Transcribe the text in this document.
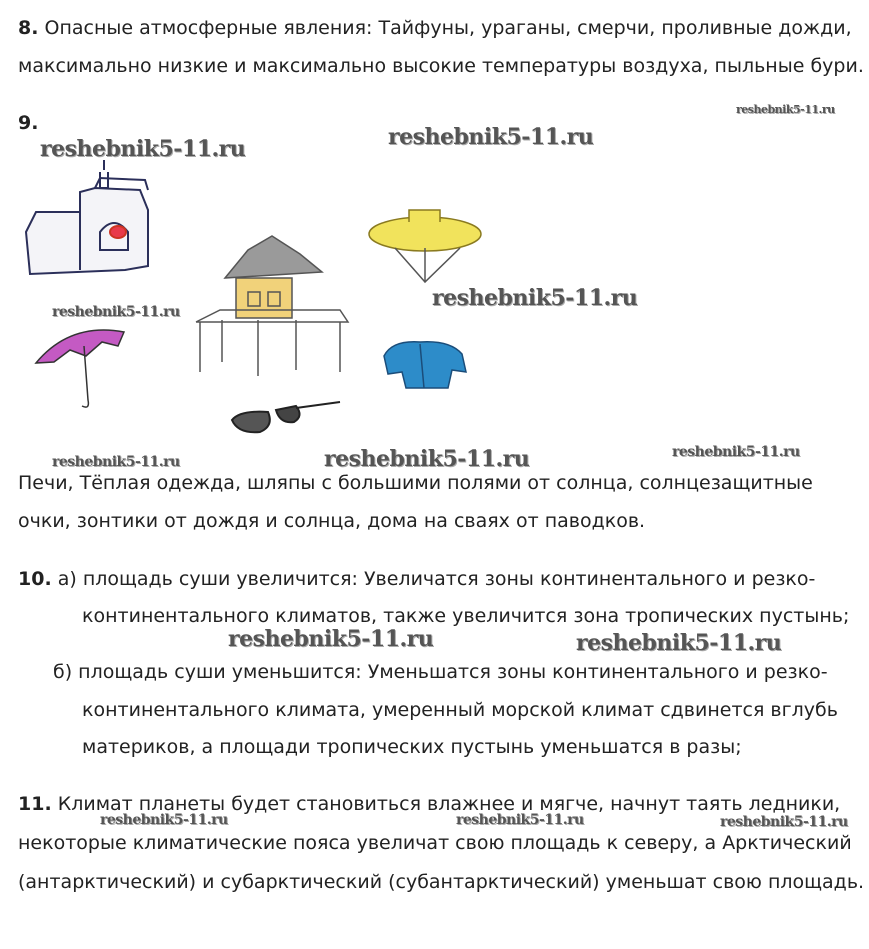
8. Опасные атмосферные явления: Тайфуны, ураганы, смерчи, проливные дожди,
максимально низкие и максимально высокие температуры воздуха, пыльные бури.
9.
reshebnik5-11.ru	reshebnik5-11.ru
reshebnik5-11.ru
reshebnik5-11.ru
reshebnik5-11.ru
reshebnik5-11.ru	reshebnik5-11.ru	reshebnik5-11.ru
Печи, Тёплая одежда, шляпы с большими полями от солнца, солнцезащитные
очки, зонтики от дождя и солнца, дома на сваях от паводков.
10. а) площадь суши увеличится: Увеличатся зоны континентального и резко-
континентального климатов, также увеличится зона тропических пустынь;
reshebnik5-11.ru	reshebnik5-11.ru
б) площадь суши уменьшится: Уменьшатся зоны континентального и резко-
континентального климата, умеренный морской климат сдвинется вглубь
материков, а площади тропических пустынь уменьшатся в разы;
11. Климат планеты будет становиться влажнее и мягче, начнут таять ледники,
reshebnik5-11.ru	reshebnik5-11.ru	reshebnik5-11.ru
некоторые климатические пояса увеличат свою площадь к северу, а Арктический
(антарктический) и субарктический (субантарктический) уменьшат свою площадь.
